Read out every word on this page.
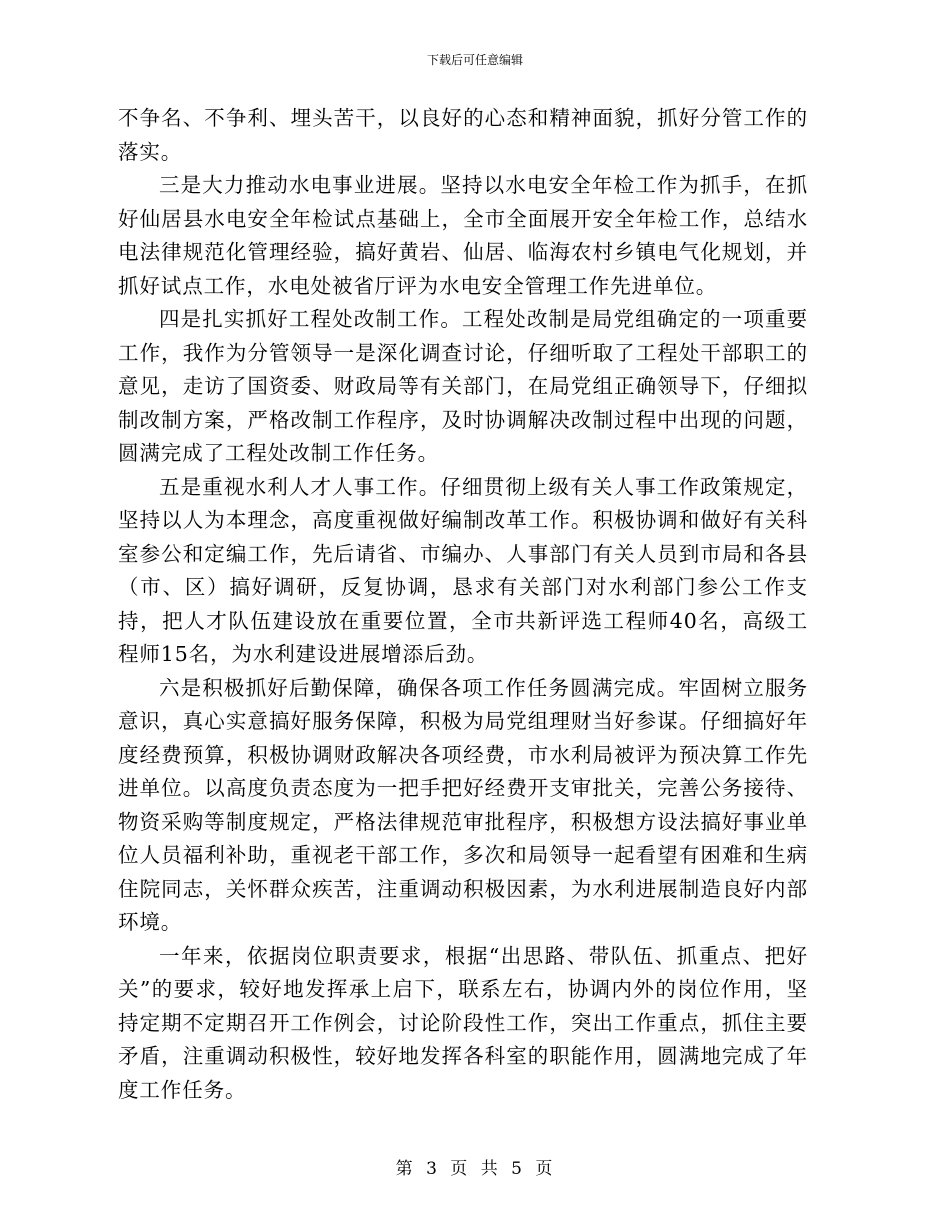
下载后可任意编辑

不争名、不争利、埋头苦干，以良好的心态和精神面貌，抓好分管工作的落实。

三是大力推动水电事业进展。坚持以水电安全年检工作为抓手，在抓好仙居县水电安全年检试点基础上，全市全面展开安全年检工作，总结水电法律规范化管理经验，搞好黄岩、仙居、临海农村乡镇电气化规划，并抓好试点工作，水电处被省厅评为水电安全管理工作先进单位。

四是扎实抓好工程处改制工作。工程处改制是局党组确定的一项重要工作，我作为分管领导一是深化调查讨论，仔细听取了工程处干部职工的意见，走访了国资委、财政局等有关部门，在局党组正确领导下，仔细拟制改制方案，严格改制工作程序，及时协调解决改制过程中出现的问题，圆满完成了工程处改制工作任务。

五是重视水利人才人事工作。仔细贯彻上级有关人事工作政策规定，坚持以人为本理念，高度重视做好编制改革工作。积极协调和做好有关科室参公和定编工作，先后请省、市编办、人事部门有关人员到市局和各县（市、区）搞好调研，反复协调，恳求有关部门对水利部门参公工作支持，把人才队伍建设放在重要位置，全市共新评选工程师40名，高级工程师15名，为水利建设进展增添后劲。

六是积极抓好后勤保障，确保各项工作任务圆满完成。牢固树立服务意识，真心实意搞好服务保障，积极为局党组理财当好参谋。仔细搞好年度经费预算，积极协调财政解决各项经费，市水利局被评为预决算工作先进单位。以高度负责态度为一把手把好经费开支审批关，完善公务接待、物资采购等制度规定，严格法律规范审批程序，积极想方设法搞好事业单位人员福利补助，重视老干部工作，多次和局领导一起看望有困难和生病住院同志，关怀群众疾苦，注重调动积极因素，为水利进展制造良好内部环境。

一年来，依据岗位职责要求，根据“出思路、带队伍、抓重点、把好关”的要求，较好地发挥承上启下，联系左右，协调内外的岗位作用，坚持定期不定期召开工作例会，讨论阶段性工作，突出工作重点，抓住主要矛盾，注重调动积极性，较好地发挥各科室的职能作用，圆满地完成了年度工作任务。

第 3 页 共 5 页
